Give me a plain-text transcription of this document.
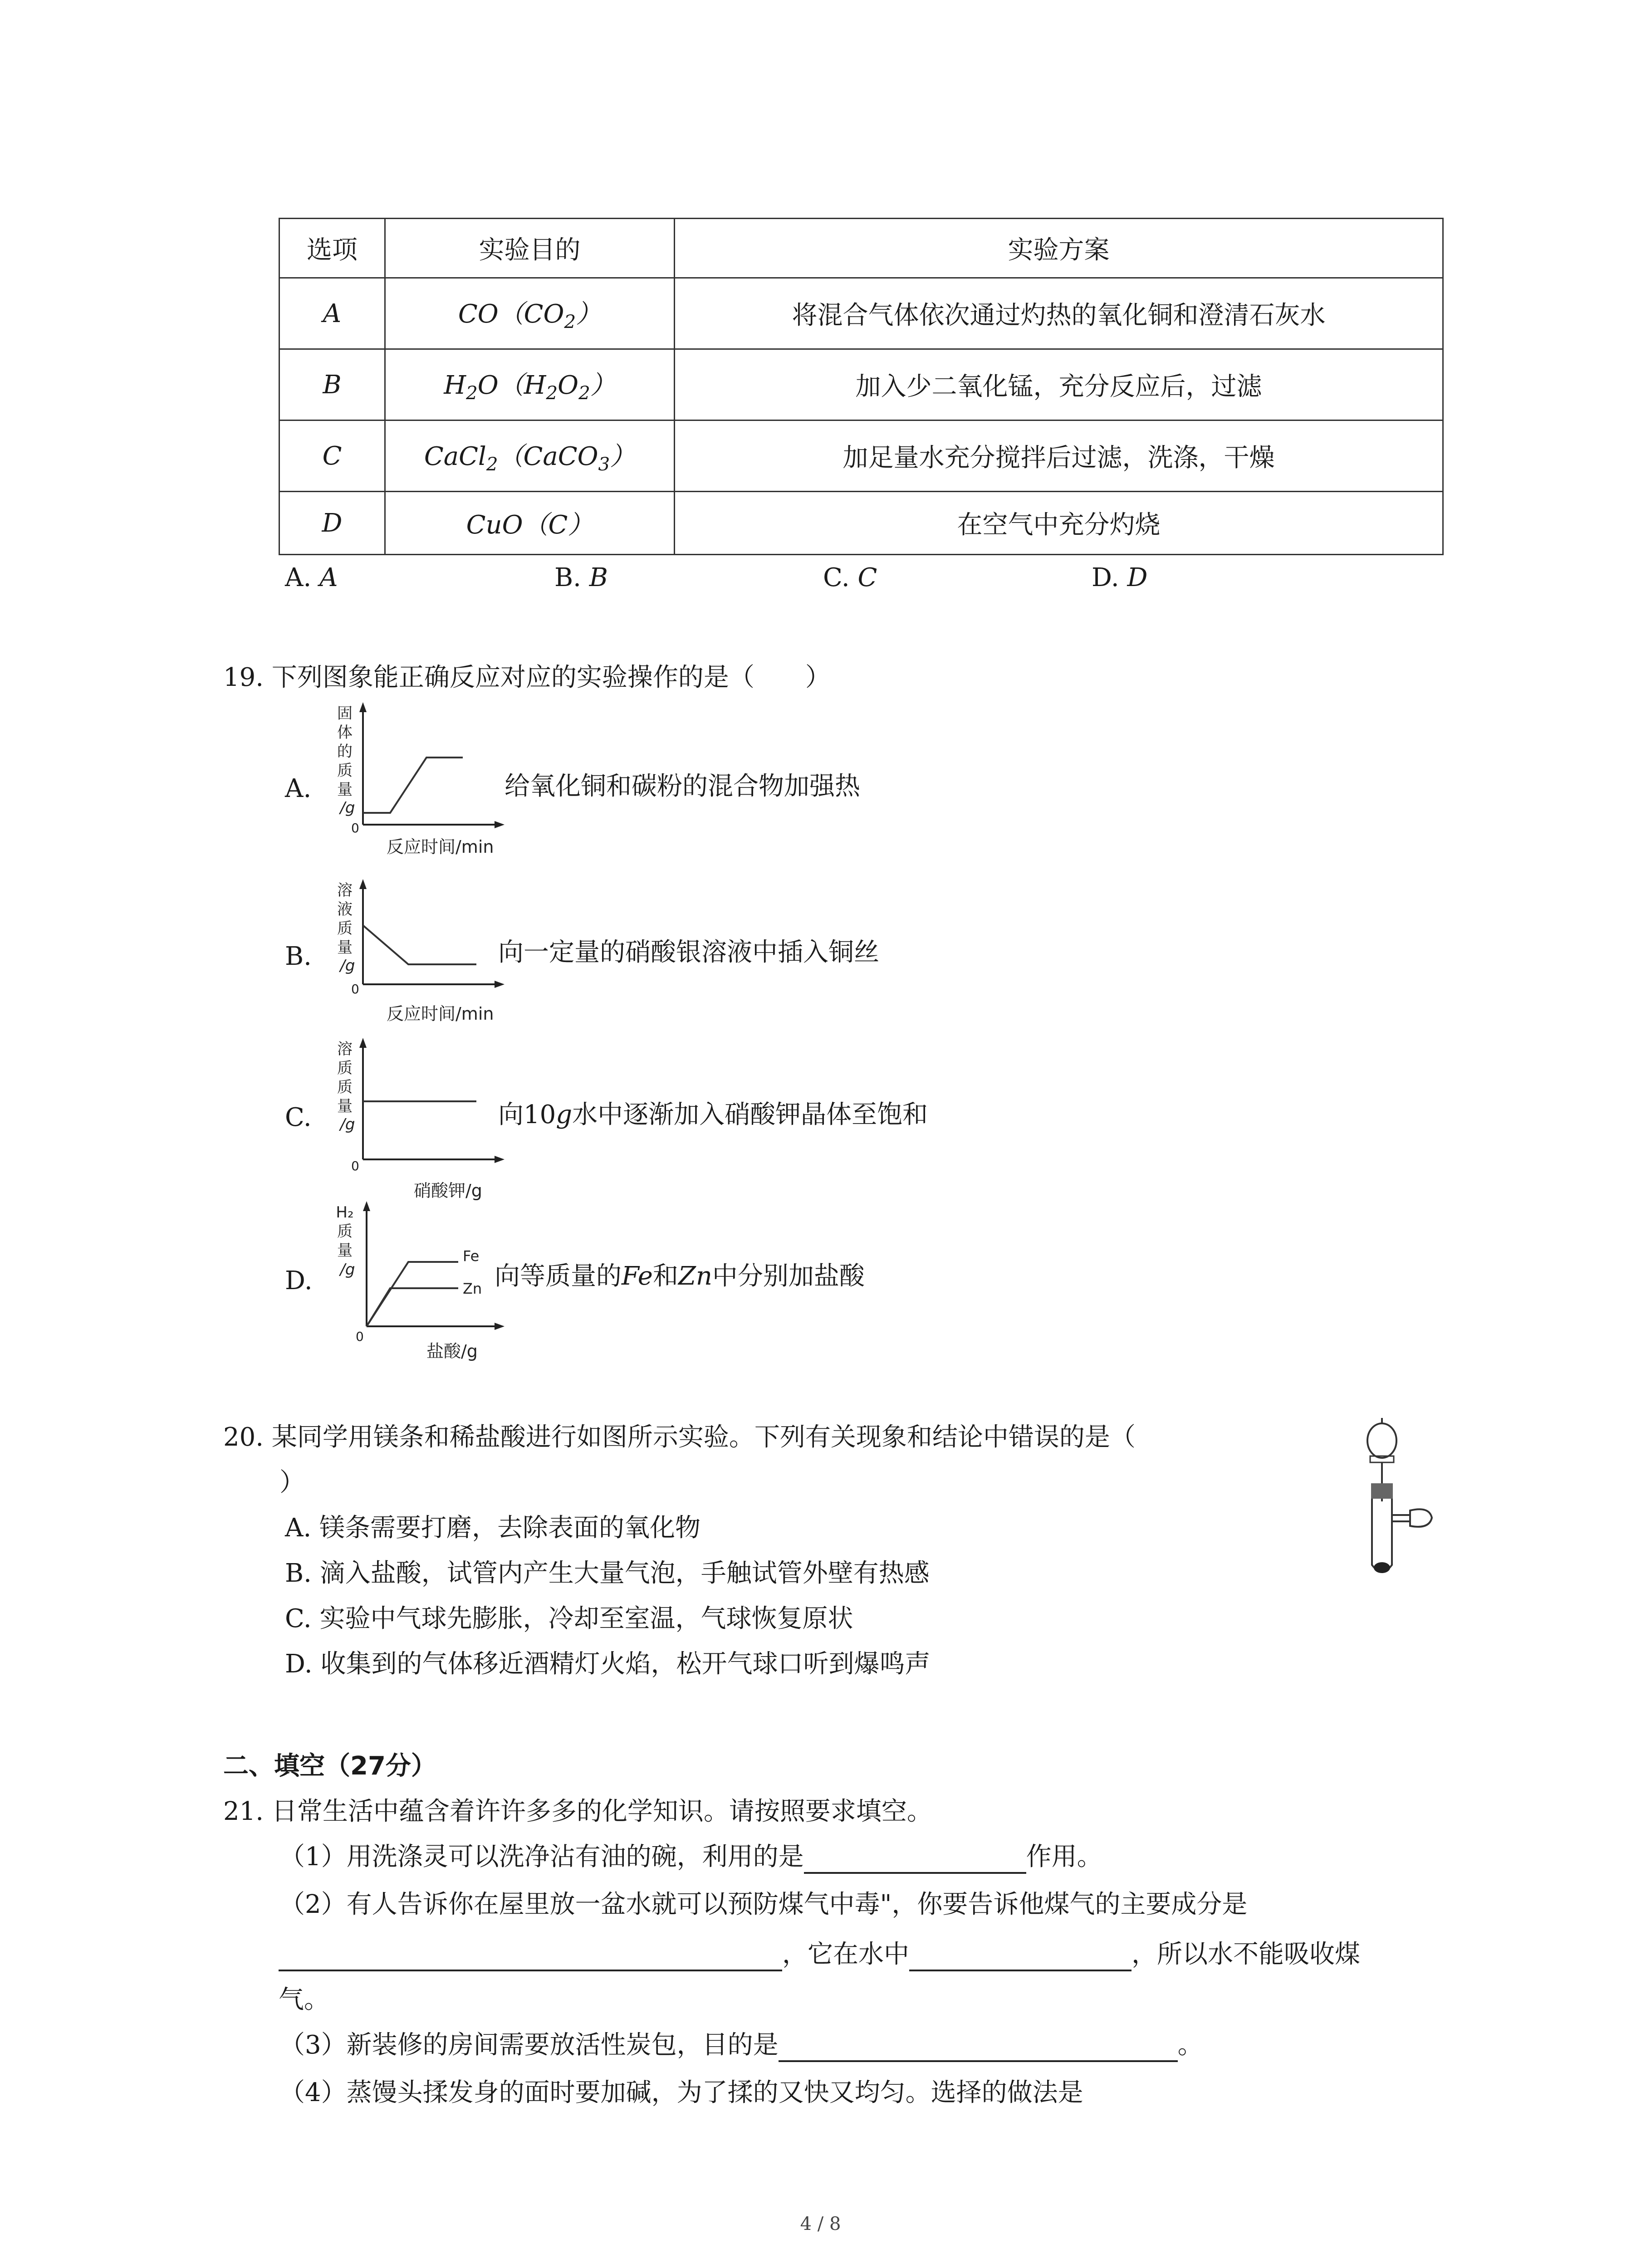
选项	实验目的	实验方案
A	$CO(CO_2)$	将混合气体依次通过灼热的氧化铜和澄清石灰水
B	$H_2O(H_2O_2)$	加入少二氧化锰，充分反应后，过滤
C	CaCl$_2$（CaCO$_3$）	加足量水充分搅拌后过滤，洗涤，干燥
D	CuO（C）	在空气中充分灼烧
A. A	B. B	C. C	D. D
19. 下列图象能正确反应对应的实验操作的是（　　）
A.
固
体
的
质
量
/g
0
反应时间/min
给氧化铜和碳粉的混合物加强热
B.
溶
液
质
量
/g
0
反应时间/min
向一定量的硝酸银溶液中插入铜丝
C.
溶
质
质
量
/g
0
硝酸钾/g
向10g水中逐渐加入硝酸钾晶体至饱和
D.
H₂
质
量
/g
0
Fe
Zn
盐酸/g
向等质量的Fe和Zn中分别加盐酸
20. 某同学用镁条和稀盐酸进行如图所示实验。下列有关现象和结论中错误的是（
）
A. 镁条需要打磨，去除表面的氧化物
B. 滴入盐酸，试管内产生大量气泡，手触试管外壁有热感
C. 实验中气球先膨胀，冷却至室温，气球恢复原状
D. 收集到的气体移近酒精灯火焰，松开气球口听到爆鸣声
二、填空（27分）
21. 日常生活中蕴含着许许多多的化学知识。请按照要求填空。
（1）用洗涤灵可以洗净沾有油的碗，利用的是	作用。
（2）有人告诉你在屋里放一盆水就可以预防煤气中毒"，你要告诉他煤气的主要成分是
，它在水中	，所以水不能吸收煤
气。
（3）新装修的房间需要放活性炭包，目的是	。
（4）蒸馒头揉发身的面时要加碱，为了揉的又快又均匀。选择的做法是
4 / 8
